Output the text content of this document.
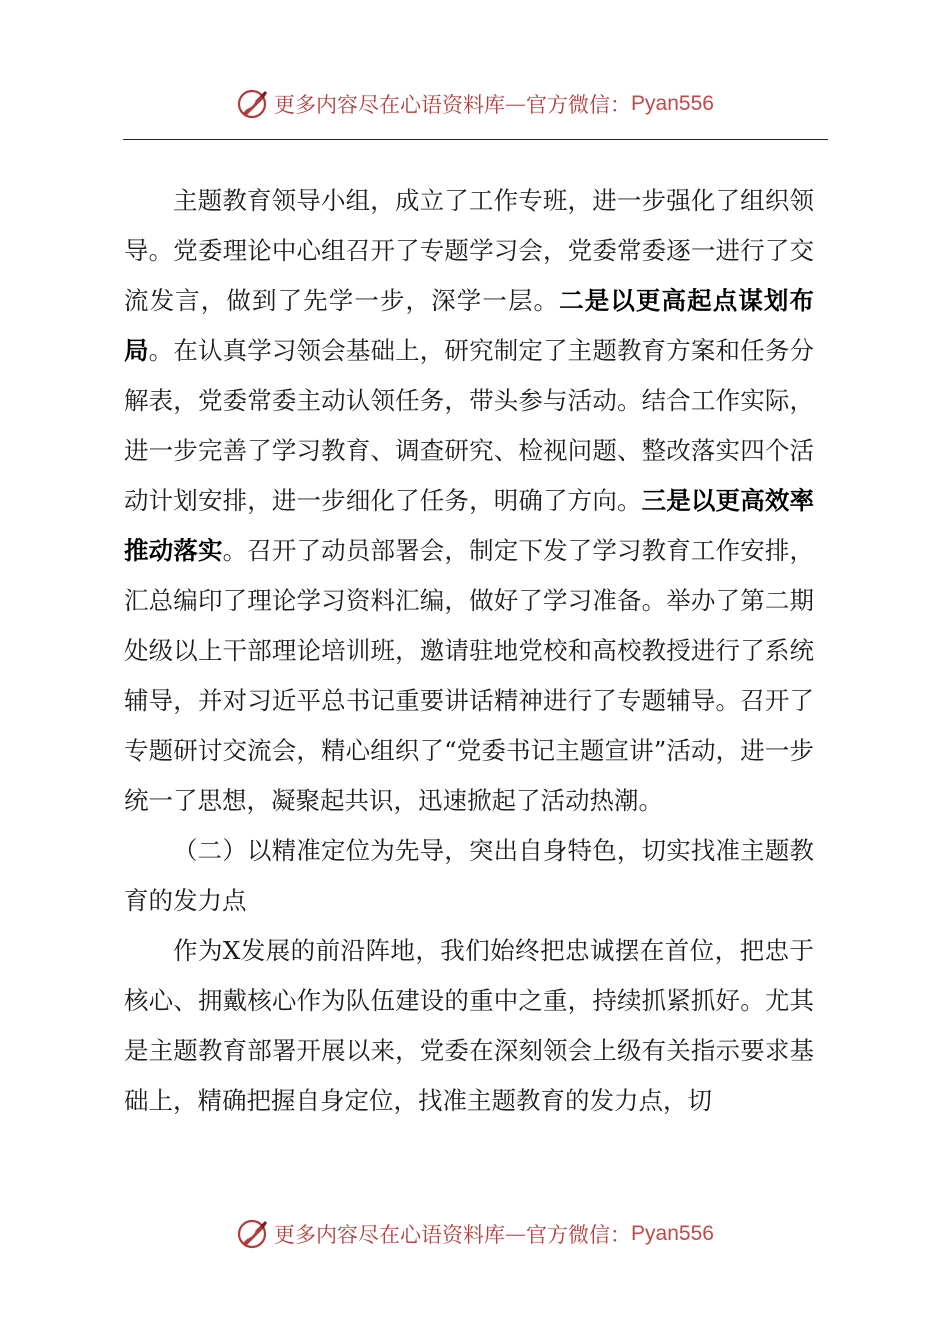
更多内容尽在心语资料库 — 官方微信： Pyan556

主题教育领导小组，成立了工作专班，进一步强化了组织领导。党委理论中心组召开了专题学习会，党委常委逐一进行了交流发言，做到了先学一步，深学一层。二是以更高起点谋划布局。在认真学习领会基础上，研究制定了主题教育方案和任务分解表，党委常委主动认领任务，带头参与活动。结合工作实际，进一步完善了学习教育、调查研究、检视问题、整改落实四个活动计划安排，进一步细化了任务，明确了方向。三是以更高效率推动落实。召开了动员部署会，制定下发了学习教育工作安排，汇总编印了理论学习资料汇编，做好了学习准备。举办了第二期处级以上干部理论培训班，邀请驻地党校和高校教授进行了系统辅导，并对习近平总书记重要讲话精神进行了专题辅导。召开了专题研讨交流会，精心组织了“党委书记主题宣讲”活动，进一步统一了思想，凝聚起共识，迅速掀起了活动热潮。

（二）以精准定位为先导，突出自身特色，切实找准主题教育的发力点

作为X发展的前沿阵地，我们始终把忠诚摆在首位，把忠于核心、拥戴核心作为队伍建设的重中之重，持续抓紧抓好。尤其是主题教育部署开展以来，党委在深刻领会上级有关指示要求基础上，精确把握自身定位，找准主题教育的发力点，切

更多内容尽在心语资料库 — 官方微信： Pyan556
